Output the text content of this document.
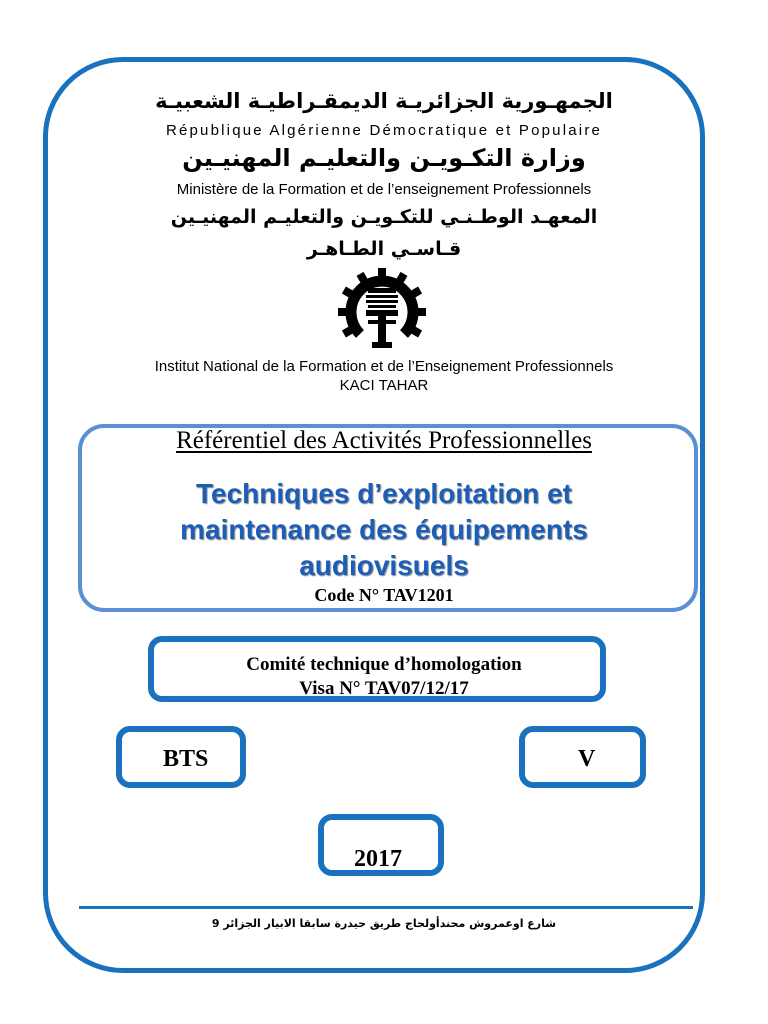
الجمهـورية الجزائريـة الديمقـراطيـة الشعبيـة
République Algérienne Démocratique et Populaire
وزارة التكـويـن والتعليـم المهنيـين
Ministère de la Formation et de l’enseignement Professionnels
المعهـد الوطـنـي للتكـويـن والتعليـم المهنيـين
قـاسـي الطـاهـر
Institut National de la Formation et de l’Enseignement Professionnels
KACI TAHAR
Référentiel des Activités Professionnelles
Techniques d’exploitation et
maintenance des équipements
audiovisuels
Code N° TAV1201
Comité technique d’homologation
Visa N° TAV07/12/17
BTS	V
2017
شارع اوعمروش محندأولحاج طريق حيدرة سابقا الابيار الجزائر 9
